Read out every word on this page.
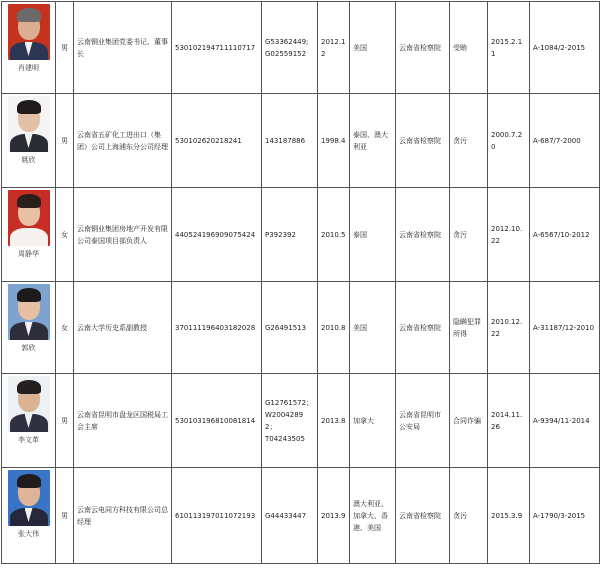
肖建明	男	云南铜业集团党委书记、董事长	530102194711110717	G53362449;
G02559152	2012.12	美国	云南省检察院	受贿	2015.2.11	A-1084/2-2015

姚欣	男	云南省五矿化工进出口（集团）公司上海浦东分公司经理	530102620218241	143187886	1998.4	泰国、澳大利亚	云南省检察院	贪污	2000.7.20	A-687/7-2000

周静华	女	云南铜业集团房地产开发有限公司泰国项目部负责人	440524196909075424	P392392	2010.5	泰国	云南省检察院	贪污	2012.10.22	A-6567/10-2012

郭欣	女	云南大学历史系副教授	370111196403182028	G26491513	2010.8	美国	云南省检察院	隐瞒犯罪所得	2010.12.22	A-31187/12-2010

李文革	男	云南省昆明市盘龙区国税局工会主席	530103196810081814	G12761572；
W20042892；
T04243505	2013.8	加拿大	云南省昆明市公安局	合同诈骗	2014.11.26	A-9394/11-2014

张大伟	男	云南云电同方科技有限公司总经理	610113197011072193	G44433447	2013.9	澳大利亚、加拿大、香港、美国	云南省检察院	贪污	2015.3.9	A-1790/3-2015
